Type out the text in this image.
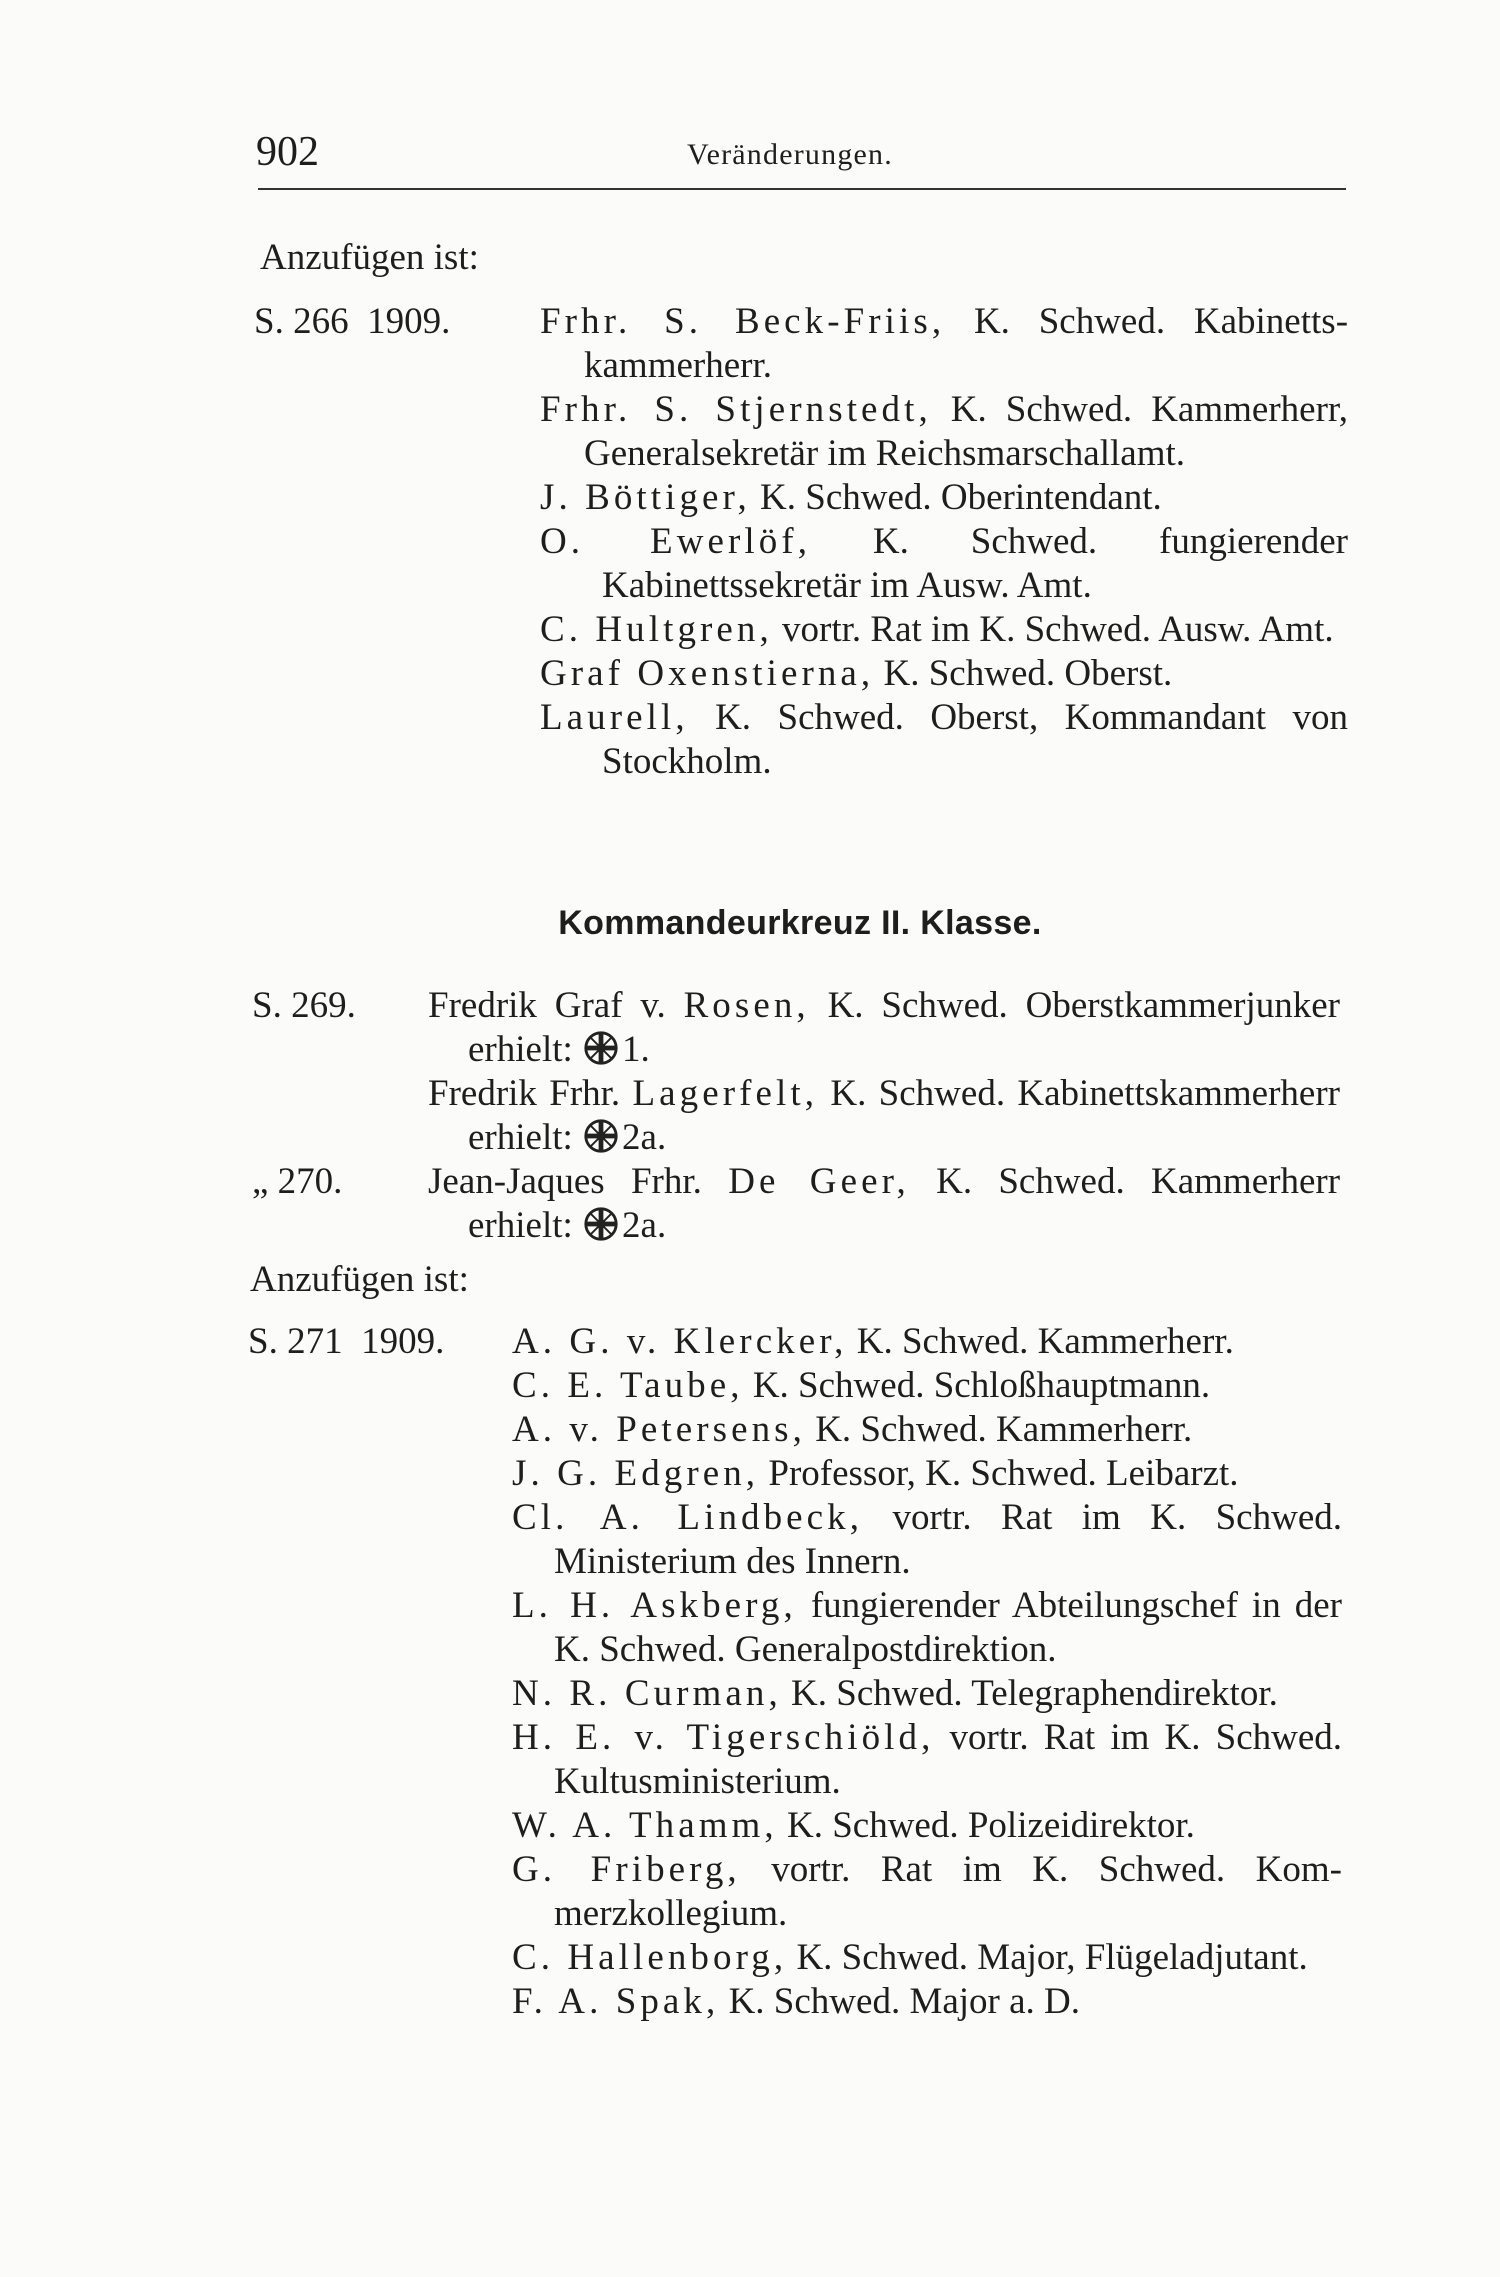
902	Veränderungen.
Anzufügen ist:
S. 266  1909. Frhr. S. Beck-Friis, K. Schwed. Kabinettskammerherr.
Frhr. S. Stjernstedt, K. Schwed. Kammerherr, Generalsekretär im Reichsmarschallamt.
J. Böttiger, K. Schwed. Oberintendant.
O. Ewerlöf, K. Schwed. fungierender Kabinettssekretär im Ausw. Amt.
C. Hultgren, vortr. Rat im K. Schwed. Ausw. Amt.
Graf Oxenstierna, K. Schwed. Oberst.
Laurell, K. Schwed. Oberst, Kommandant von Stockholm.
Kommandeurkreuz II. Klasse.
S. 269.
„ 270.
Fredrik Graf v. Rosen, K. Schwed. Oberstkammerjunker erhielt: 1.
Fredrik Frhr. Lagerfelt, K. Schwed. Kabinettskammerherr erhielt: 2a.
Jean-Jaques Frhr. De Geer, K. Schwed. Kammerherr erhielt: 2a.
Anzufügen ist:
S. 271  1909. A. G. v. Klercker, K. Schwed. Kammerherr.
C. E. Taube, K. Schwed. Schloßhauptmann.
A. v. Petersens, K. Schwed. Kammerherr.
J. G. Edgren, Professor, K. Schwed. Leibarzt.
Cl. A. Lindbeck, vortr. Rat im K. Schwed. Ministerium des Innern.
L. H. Askberg, fungierender Abteilungschef in der K. Schwed. Generalpostdirektion.
N. R. Curman, K. Schwed. Telegraphendirektor.
H. E. v. Tigerschiöld, vortr. Rat im K. Schwed. Kultusministerium.
W. A. Thamm, K. Schwed. Polizeidirektor.
G. Friberg, vortr. Rat im K. Schwed. Kommerzkollegium.
C. Hallenborg, K. Schwed. Major, Flügeladjutant.
F. A. Spak, K. Schwed. Major a. D.
